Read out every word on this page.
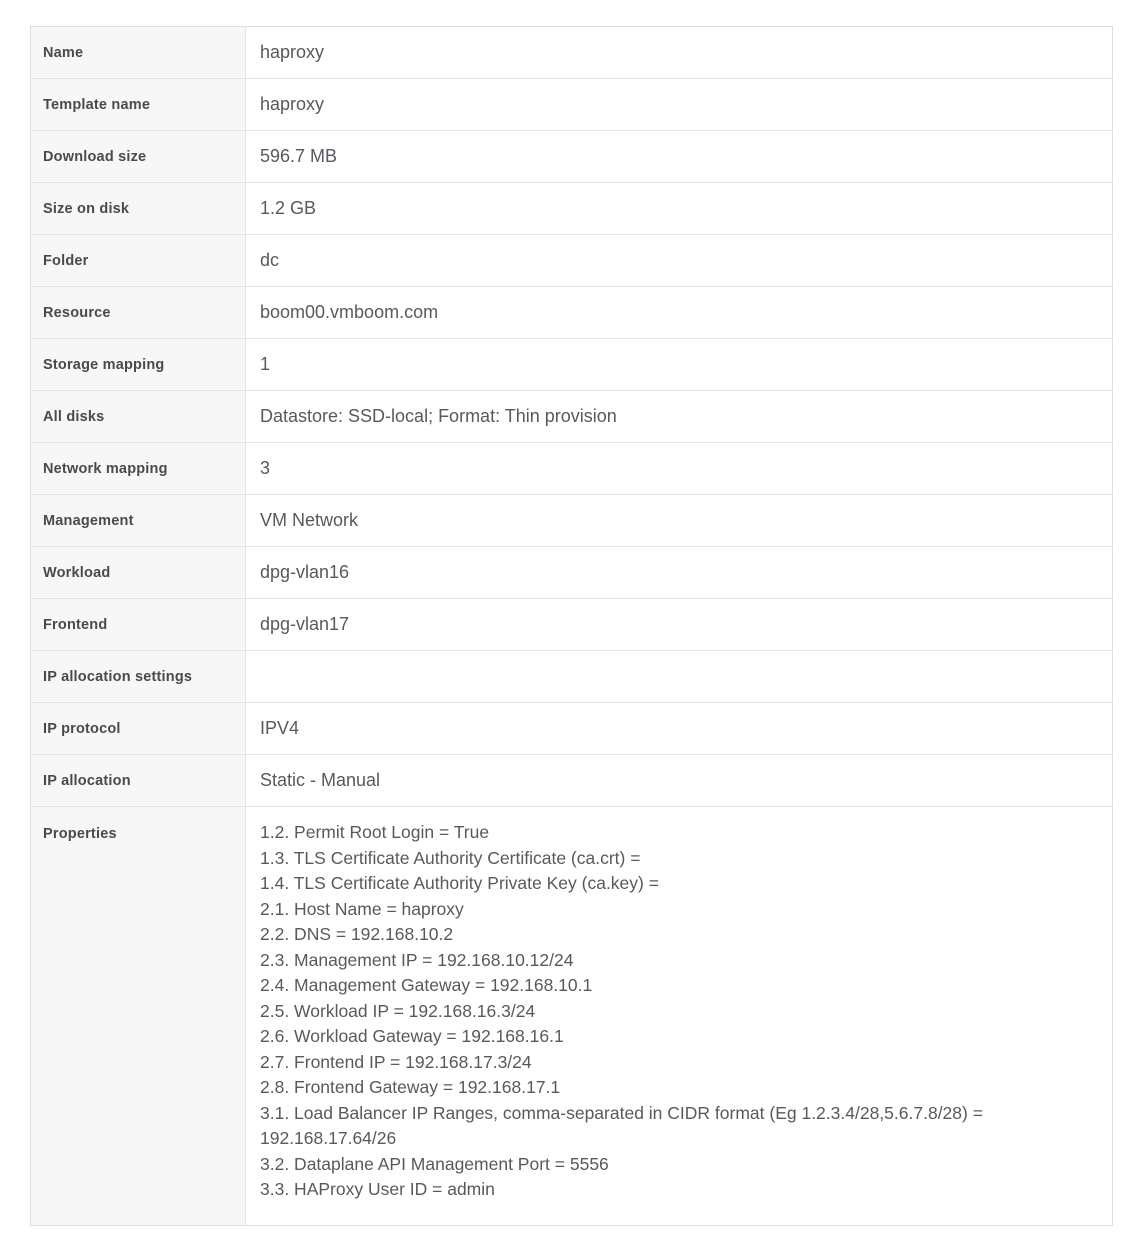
Name	haproxy
Template name	haproxy
Download size	596.7 MB
Size on disk	1.2 GB
Folder	dc
Resource	boom00.vmboom.com
Storage mapping	1
All disks	Datastore: SSD-local; Format: Thin provision
Network mapping	3
Management	VM Network
Workload	dpg-vlan16
Frontend	dpg-vlan17
IP allocation settings	

IP protocol	IPV4
IP allocation	Static - Manual
Properties	1.2. Permit Root Login = True
1.3. TLS Certificate Authority Certificate (ca.crt) =
1.4. TLS Certificate Authority Private Key (ca.key) =
2.1. Host Name = haproxy
2.2. DNS = 192.168.10.2
2.3. Management IP = 192.168.10.12/24
2.4. Management Gateway = 192.168.10.1
2.5. Workload IP = 192.168.16.3/24
2.6. Workload Gateway = 192.168.16.1
2.7. Frontend IP = 192.168.17.3/24
2.8. Frontend Gateway = 192.168.17.1
3.1. Load Balancer IP Ranges, comma-separated in CIDR format (Eg 1.2.3.4/28,5.6.7.8/28) = 192.168.17.64/26
3.2. Dataplane API Management Port = 5556
3.3. HAProxy User ID = admin
